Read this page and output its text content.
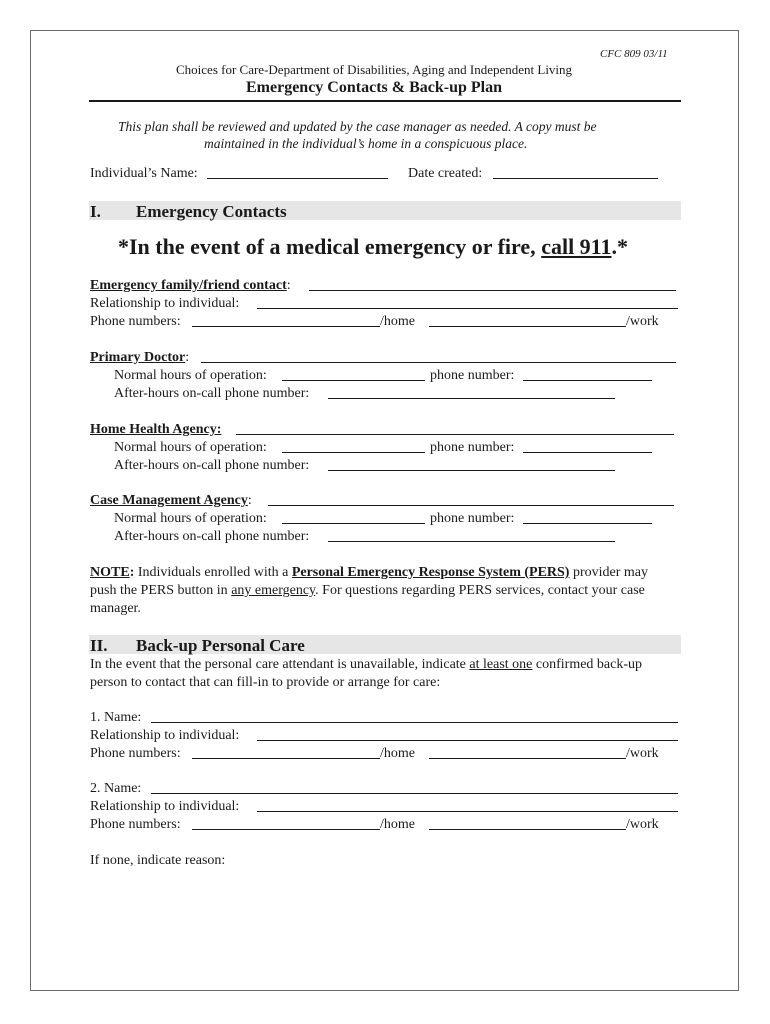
CFC 809 03/11
Choices for Care-Department of Disabilities, Aging and Independent Living
Emergency Contacts & Back-up Plan
This plan shall be reviewed and updated by the case manager as needed. A copy must be
maintained in the individual’s home in a conspicuous place.
Individual’s Name:	Date created:
I. Emergency Contacts
*In the event of a medical emergency or fire, call 911.*
Emergency family/friend contact:
Relationship to individual:
Phone numbers:	/home	/work
Primary Doctor:
Normal hours of operation:	phone number:
After-hours on-call phone number:
Home Health Agency:
Normal hours of operation:	phone number:
After-hours on-call phone number:
Case Management Agency:
Normal hours of operation:	phone number:
After-hours on-call phone number:
NOTE: Individuals enrolled with a Personal Emergency Response System (PERS) provider may push the PERS button in any emergency. For questions regarding PERS services, contact your case manager.
II. Back-up Personal Care
In the event that the personal care attendant is unavailable, indicate at least one confirmed back-up person to contact that can fill-in to provide or arrange for care:
1. Name:
Relationship to individual:
Phone numbers:	/home	/work
2. Name:
Relationship to individual:
Phone numbers:	/home	/work
If none, indicate reason:
